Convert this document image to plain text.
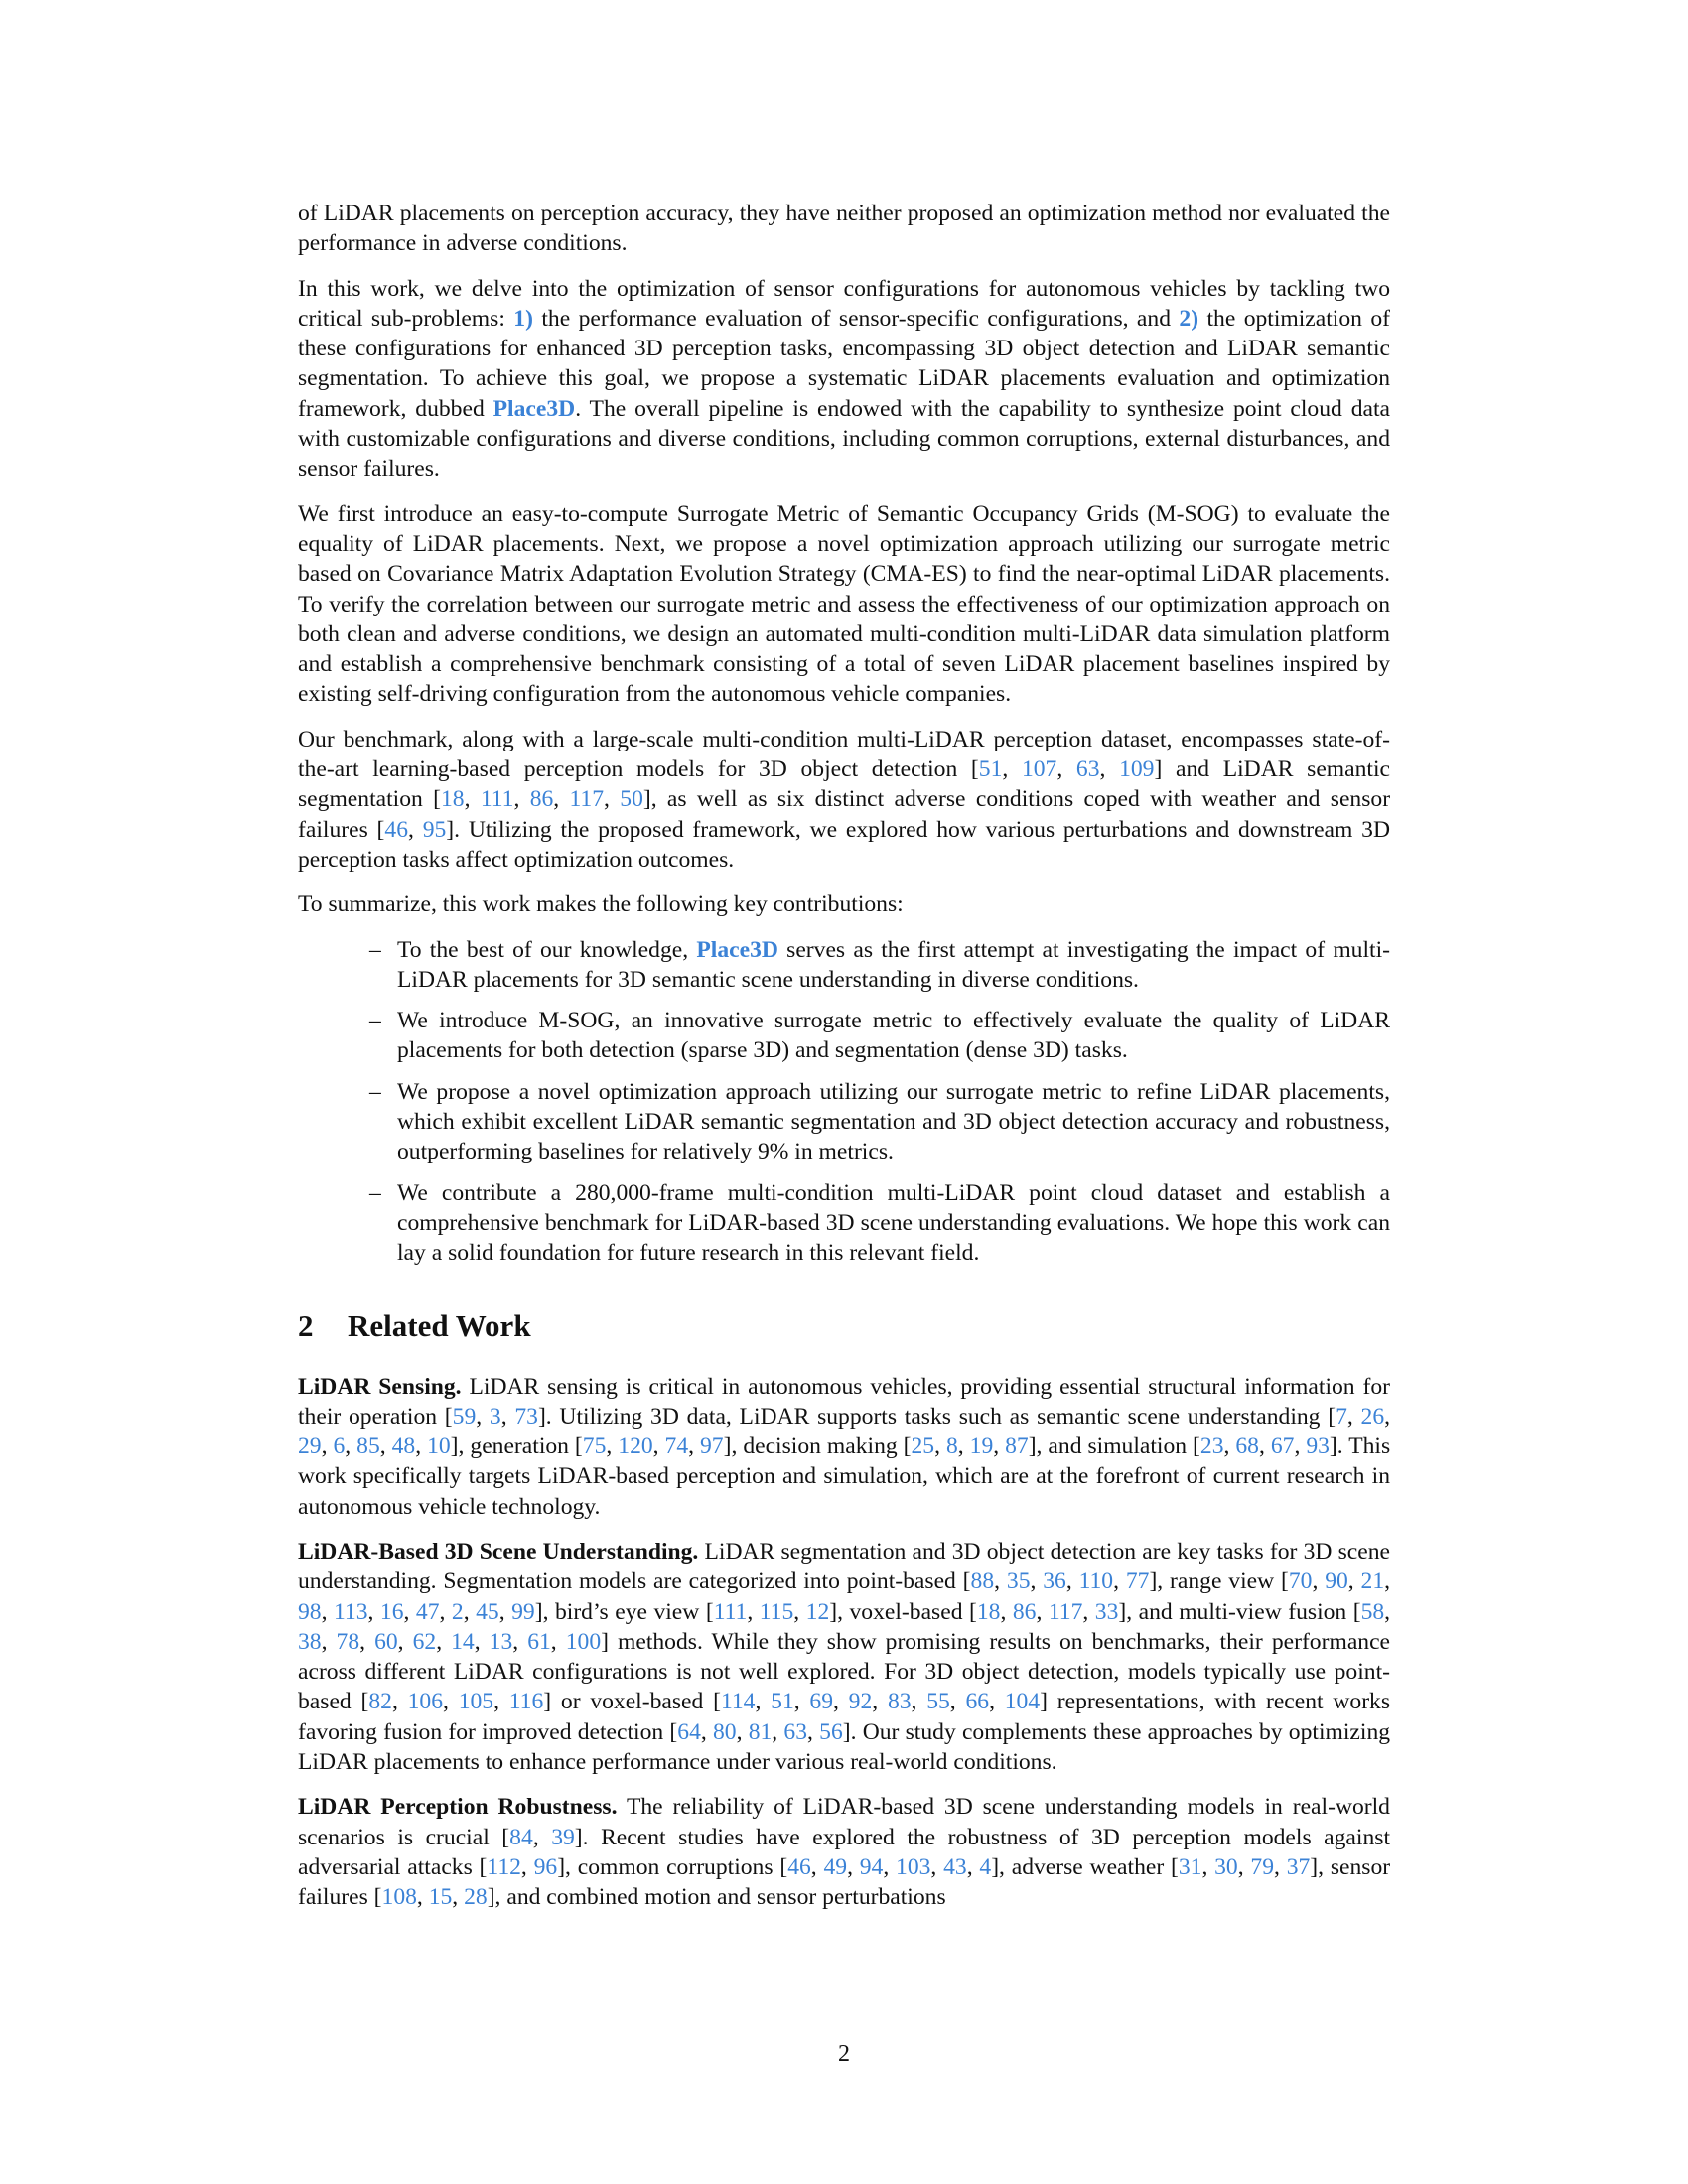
of LiDAR placements on perception accuracy, they have neither proposed an optimization method nor evaluated the performance in adverse conditions.

In this work, we delve into the optimization of sensor configurations for autonomous vehicles by tackling two critical sub-problems: 1) the performance evaluation of sensor-specific configurations, and 2) the optimization of these configurations for enhanced 3D perception tasks, encompassing 3D object detection and LiDAR semantic segmentation. To achieve this goal, we propose a systematic LiDAR placements evaluation and optimization framework, dubbed Place3D. The overall pipeline is endowed with the capability to synthesize point cloud data with customizable configurations and diverse conditions, including common corruptions, external disturbances, and sensor failures.

We first introduce an easy-to-compute Surrogate Metric of Semantic Occupancy Grids (M-SOG) to evaluate the equality of LiDAR placements. Next, we propose a novel optimization approach utilizing our surrogate metric based on Covariance Matrix Adaptation Evolution Strategy (CMA-ES) to find the near-optimal LiDAR placements. To verify the correlation between our surrogate metric and assess the effectiveness of our optimization approach on both clean and adverse conditions, we design an automated multi-condition multi-LiDAR data simulation platform and establish a comprehensive benchmark consisting of a total of seven LiDAR placement baselines inspired by existing self-driving configuration from the autonomous vehicle companies.

Our benchmark, along with a large-scale multi-condition multi-LiDAR perception dataset, encompasses state-of-the-art learning-based perception models for 3D object detection [51, 107, 63, 109] and LiDAR semantic segmentation [18, 111, 86, 117, 50], as well as six distinct adverse conditions coped with weather and sensor failures [46, 95]. Utilizing the proposed framework, we explored how various perturbations and downstream 3D perception tasks affect optimization outcomes.

To summarize, this work makes the following key contributions:

– To the best of our knowledge, Place3D serves as the first attempt at investigating the impact of multi-LiDAR placements for 3D semantic scene understanding in diverse conditions.
– We introduce M-SOG, an innovative surrogate metric to effectively evaluate the quality of LiDAR placements for both detection (sparse 3D) and segmentation (dense 3D) tasks.
– We propose a novel optimization approach utilizing our surrogate metric to refine LiDAR placements, which exhibit excellent LiDAR semantic segmentation and 3D object detection accuracy and robustness, outperforming baselines for relatively 9% in metrics.
– We contribute a 280,000-frame multi-condition multi-LiDAR point cloud dataset and establish a comprehensive benchmark for LiDAR-based 3D scene understanding evaluations. We hope this work can lay a solid foundation for future research in this relevant field.
2 Related Work

LiDAR Sensing. LiDAR sensing is critical in autonomous vehicles, providing essential structural information for their operation [59, 3, 73]. Utilizing 3D data, LiDAR supports tasks such as semantic scene understanding [7, 26, 29, 6, 85, 48, 10], generation [75, 120, 74, 97], decision making [25, 8, 19, 87], and simulation [23, 68, 67, 93]. This work specifically targets LiDAR-based perception and simulation, which are at the forefront of current research in autonomous vehicle technology.

LiDAR-Based 3D Scene Understanding. LiDAR segmentation and 3D object detection are key tasks for 3D scene understanding. Segmentation models are categorized into point-based [88, 35, 36, 110, 77], range view [70, 90, 21, 98, 113, 16, 47, 2, 45, 99], bird’s eye view [111, 115, 12], voxel-based [18, 86, 117, 33], and multi-view fusion [58, 38, 78, 60, 62, 14, 13, 61, 100] methods. While they show promising results on benchmarks, their performance across different LiDAR configurations is not well explored. For 3D object detection, models typically use point-based [82, 106, 105, 116] or voxel-based [114, 51, 69, 92, 83, 55, 66, 104] representations, with recent works favoring fusion for improved detection [64, 80, 81, 63, 56]. Our study complements these approaches by optimizing LiDAR placements to enhance performance under various real-world conditions.

LiDAR Perception Robustness. The reliability of LiDAR-based 3D scene understanding models in real-world scenarios is crucial [84, 39]. Recent studies have explored the robustness of 3D perception models against adversarial attacks [112, 96], common corruptions [46, 49, 94, 103, 43, 4], adverse weather [31, 30, 79, 37], sensor failures [108, 15, 28], and combined motion and sensor perturbations

2
